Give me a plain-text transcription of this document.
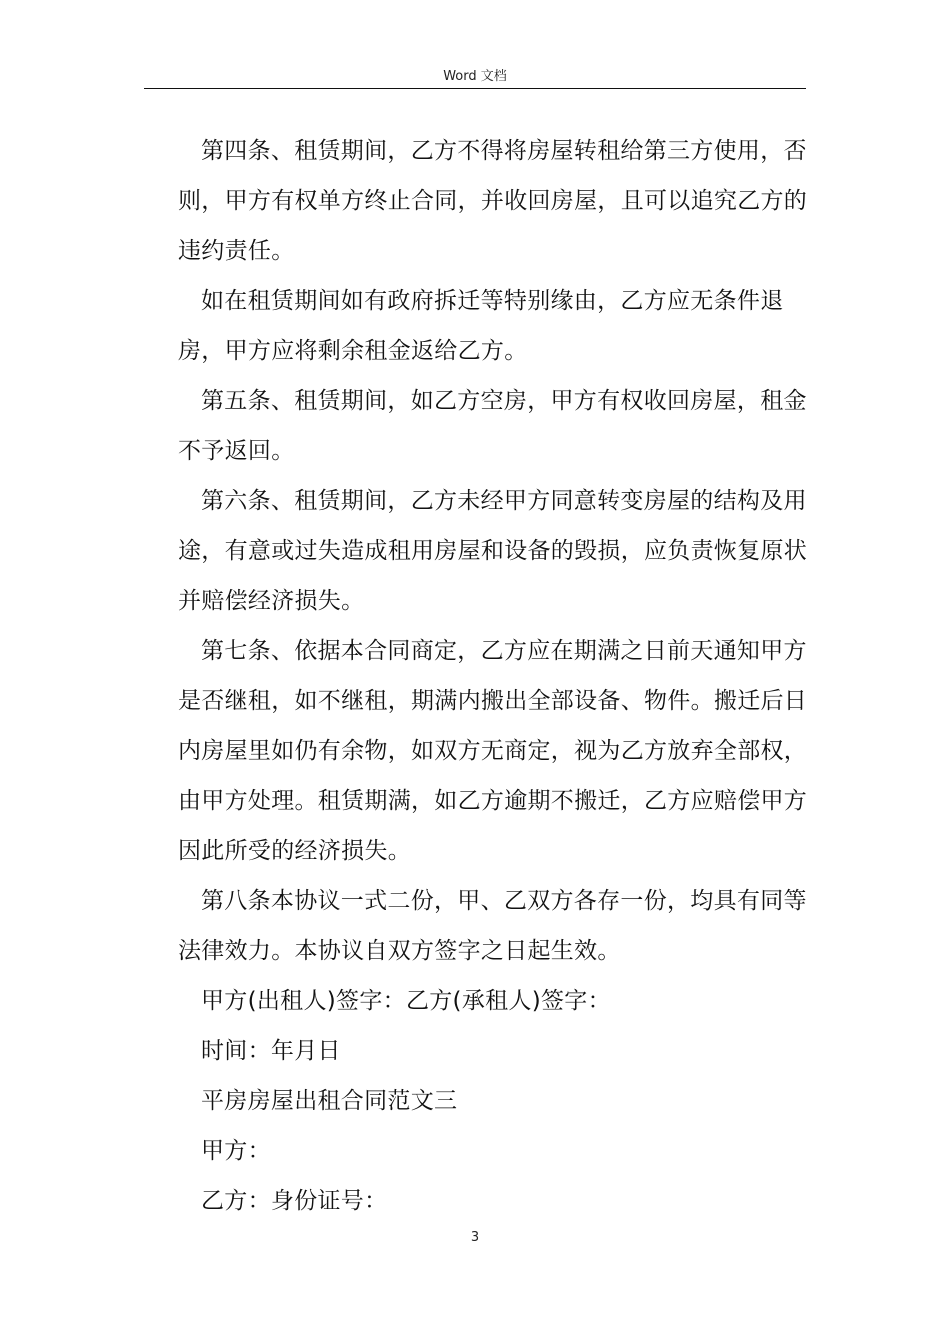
Word 文档

第四条、租赁期间，乙方不得将房屋转租给第三方使用，否则，甲方有权单方终止合同，并收回房屋，且可以追究乙方的违约责任。

如在租赁期间如有政府拆迁等特别缘由，乙方应无条件退房，甲方应将剩余租金返给乙方。

第五条、租赁期间，如乙方空房，甲方有权收回房屋，租金不予返回。

第六条、租赁期间，乙方未经甲方同意转变房屋的结构及用途，有意或过失造成租用房屋和设备的毁损，应负责恢复原状并赔偿经济损失。

第七条、依据本合同商定，乙方应在期满之日前天通知甲方是否继租，如不继租，期满内搬出全部设备、物件。搬迁后日内房屋里如仍有余物，如双方无商定，视为乙方放弃全部权，由甲方处理。租赁期满，如乙方逾期不搬迁，乙方应赔偿甲方因此所受的经济损失。

第八条本协议一式二份，甲、乙双方各存一份，均具有同等法律效力。本协议自双方签字之日起生效。

甲方(出租人)签字：乙方(承租人)签字：

时间：年月日

平房房屋出租合同范文三

甲方：

乙方：身份证号：

3
